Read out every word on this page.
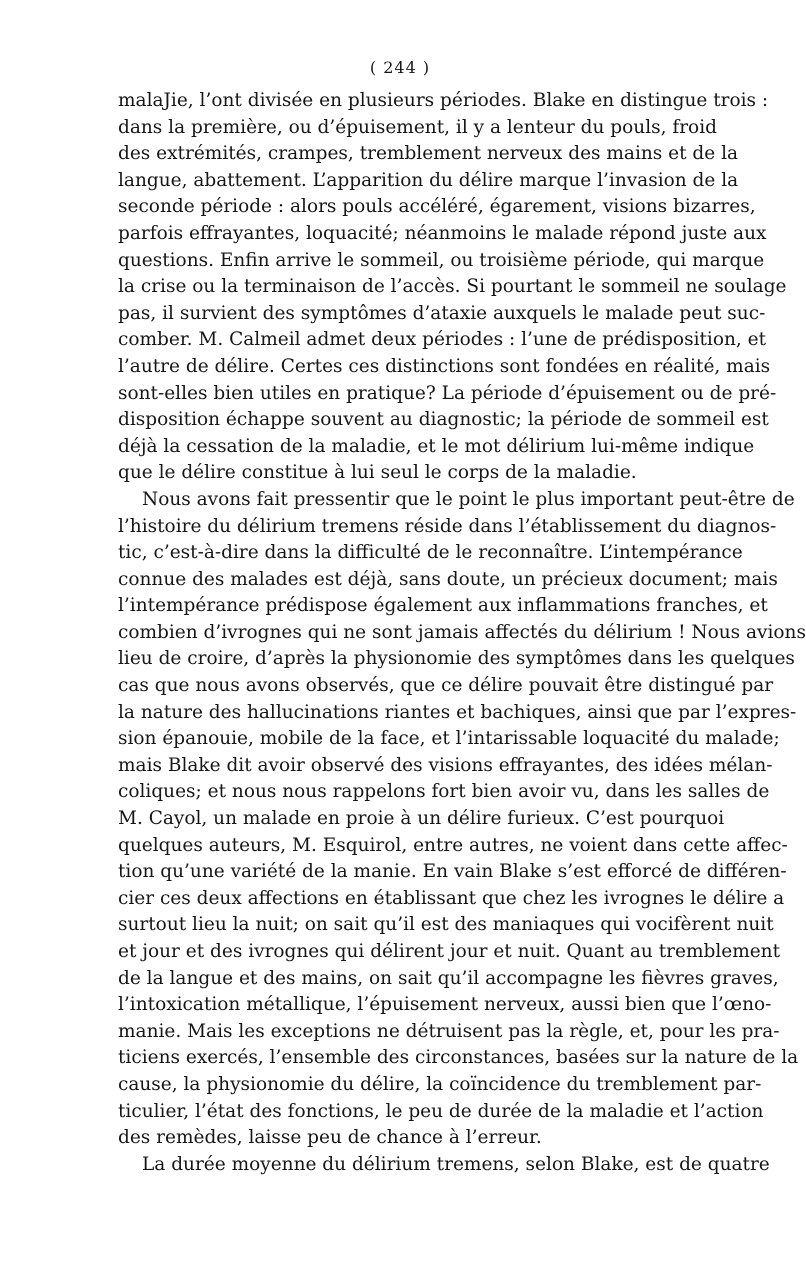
( 244 )
malaJie, l’ont divisée en plusieurs périodes. Blake en distingue trois :
dans la première, ou d’épuisement, il y a lenteur du pouls, froid
des extrémités, crampes, tremblement nerveux des mains et de la
langue, abattement. L’apparition du délire marque l’invasion de la
seconde période : alors pouls accéléré, égarement, visions bizarres,
parfois effrayantes, loquacité; néanmoins le malade répond juste aux
questions. Enfin arrive le sommeil, ou troisième période, qui marque
la crise ou la terminaison de l’accès. Si pourtant le sommeil ne soulage
pas, il survient des symptômes d’ataxie auxquels le malade peut suc-
comber. M. Calmeil admet deux périodes : l’une de prédisposition, et
l’autre de délire. Certes ces distinctions sont fondées en réalité, mais
sont-elles bien utiles en pratique? La période d’épuisement ou de pré-
disposition échappe souvent au diagnostic; la période de sommeil est
déjà la cessation de la maladie, et le mot délirium lui-même indique
que le délire constitue à lui seul le corps de la maladie.
Nous avons fait pressentir que le point le plus important peut-être de
l’histoire du délirium tremens réside dans l’établissement du diagnos-
tic, c’est-à-dire dans la difficulté de le reconnaître. L’intempérance
connue des malades est déjà, sans doute, un précieux document; mais
l’intempérance prédispose également aux inflammations franches, et
combien d’ivrognes qui ne sont jamais affectés du délirium ! Nous avions
lieu de croire, d’après la physionomie des symptômes dans les quelques
cas que nous avons observés, que ce délire pouvait être distingué par
la nature des hallucinations riantes et bachiques, ainsi que par l’expres-
sion épanouie, mobile de la face, et l’intarissable loquacité du malade;
mais Blake dit avoir observé des visions effrayantes, des idées mélan-
coliques; et nous nous rappelons fort bien avoir vu, dans les salles de
M. Cayol, un malade en proie à un délire furieux. C’est pourquoi
quelques auteurs, M. Esquirol, entre autres, ne voient dans cette affec-
tion qu’une variété de la manie. En vain Blake s’est efforcé de différen-
cier ces deux affections en établissant que chez les ivrognes le délire a
surtout lieu la nuit; on sait qu’il est des maniaques qui vocifèrent nuit
et jour et des ivrognes qui délirent jour et nuit. Quant au tremblement
de la langue et des mains, on sait qu’il accompagne les fièvres graves,
l’intoxication métallique, l’épuisement nerveux, aussi bien que l’œno-
manie. Mais les exceptions ne détruisent pas la règle, et, pour les pra-
ticiens exercés, l’ensemble des circonstances, basées sur la nature de la
cause, la physionomie du délire, la coïncidence du tremblement par-
ticulier, l’état des fonctions, le peu de durée de la maladie et l’action
des remèdes, laisse peu de chance à l’erreur.
La durée moyenne du délirium tremens, selon Blake, est de quatre
